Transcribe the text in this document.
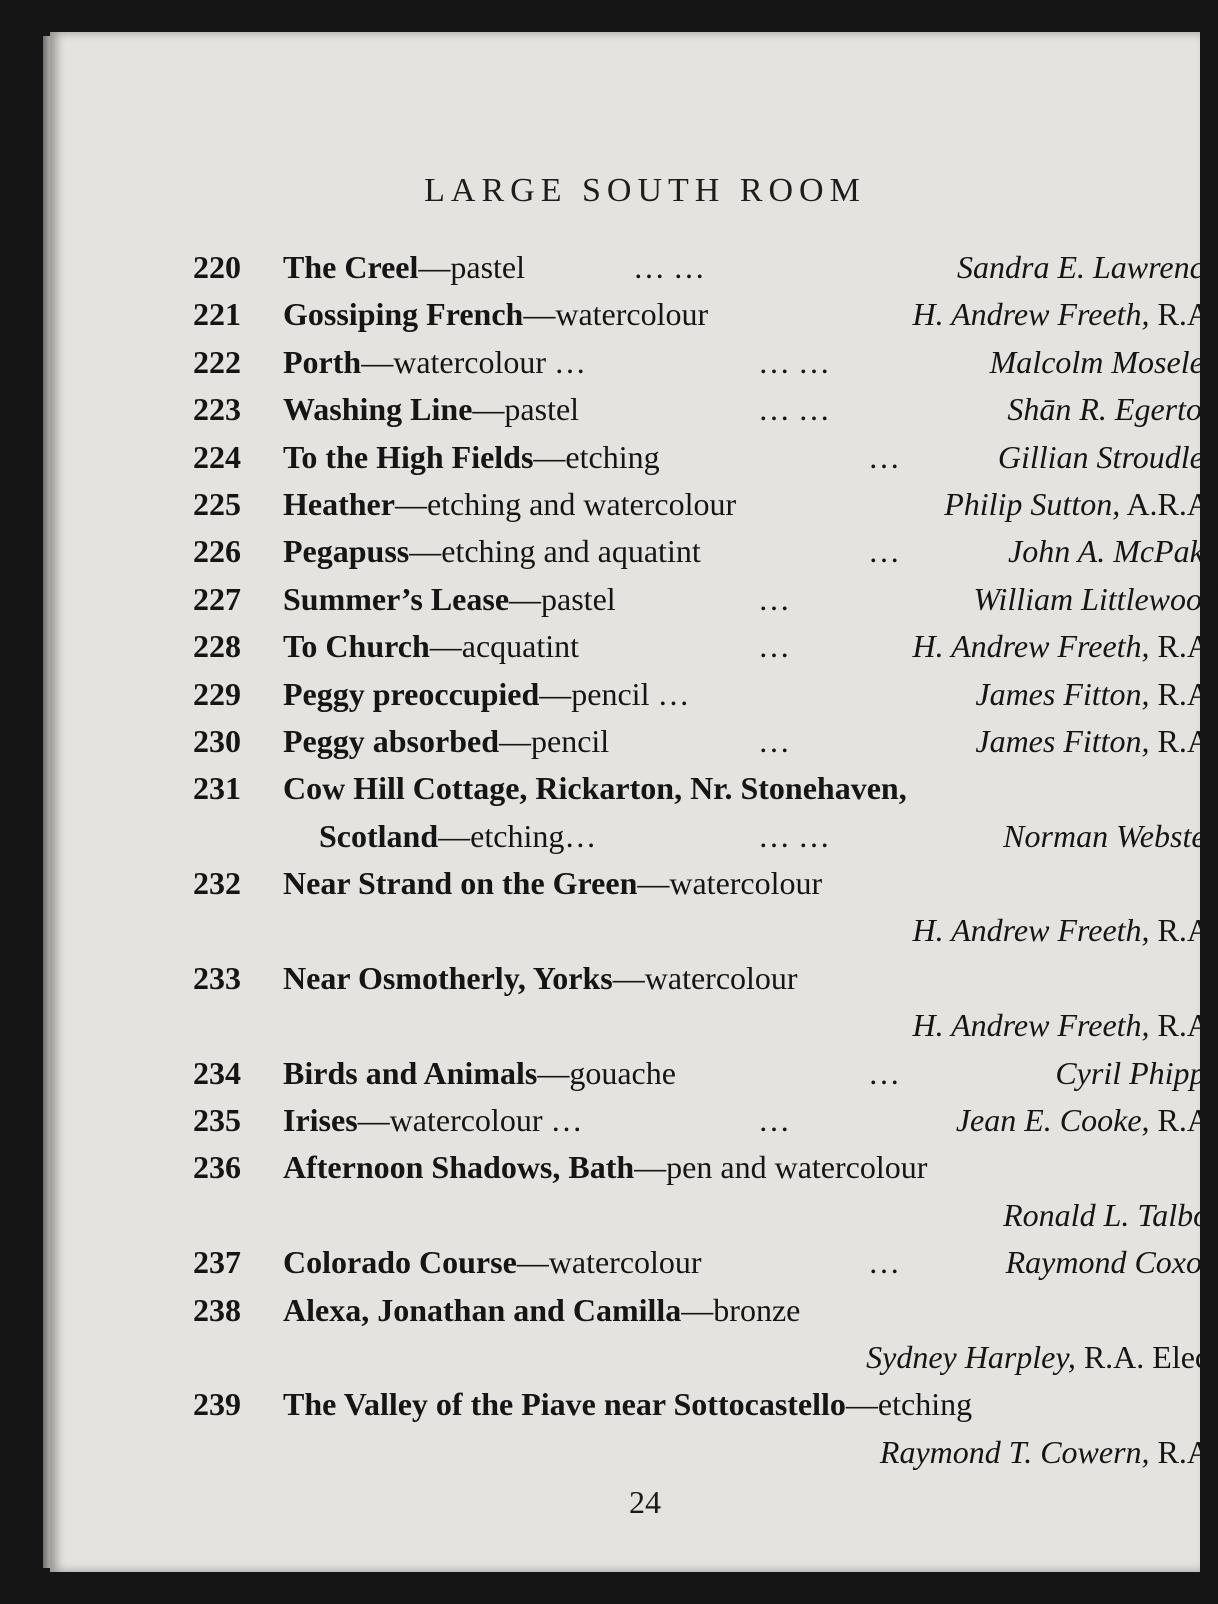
LARGE SOUTH ROOM
220	The Creel—pastel	… …	Sandra E. Lawrence
221	Gossiping French—watercolour	H. Andrew Freeth, R.A.
222	Porth—watercolour …	… …	Malcolm Moseley
223	Washing Line—pastel	… …	Shān R. Egerton
224	To the High Fields—etching	…	Gillian Stroudley
225	Heather—etching and watercolour	Philip Sutton, A.R.A.
226	Pegapuss—etching and aquatint	…	John A. McPake
227	Summer’s Lease—pastel	…	William Littlewood
228	To Church—acquatint	…	H. Andrew Freeth, R.A.
229	Peggy preoccupied—pencil …	James Fitton, R.A.
230	Peggy absorbed—pencil	…	James Fitton, R.A.
231	Cow Hill Cottage, Rickarton, Nr. Stonehaven,
Scotland—etching…	… …	Norman Webster
232	Near Strand on the Green—watercolour
H. Andrew Freeth, R.A.
233	Near Osmotherly, Yorks—watercolour
H. Andrew Freeth, R.A.
234	Birds and Animals—gouache	…	Cyril Phipps
235	Irises—watercolour …	…	Jean E. Cooke, R.A.
236	Afternoon Shadows, Bath—pen and watercolour
Ronald L. Talbot
237	Colorado Course—watercolour	…	Raymond Coxon
238	Alexa, Jonathan and Camilla—bronze
Sydney Harpley, R.A. Elect
239	The Valley of the Piave near Sottocastello—etching
Raymond T. Cowern, R.A.
24
